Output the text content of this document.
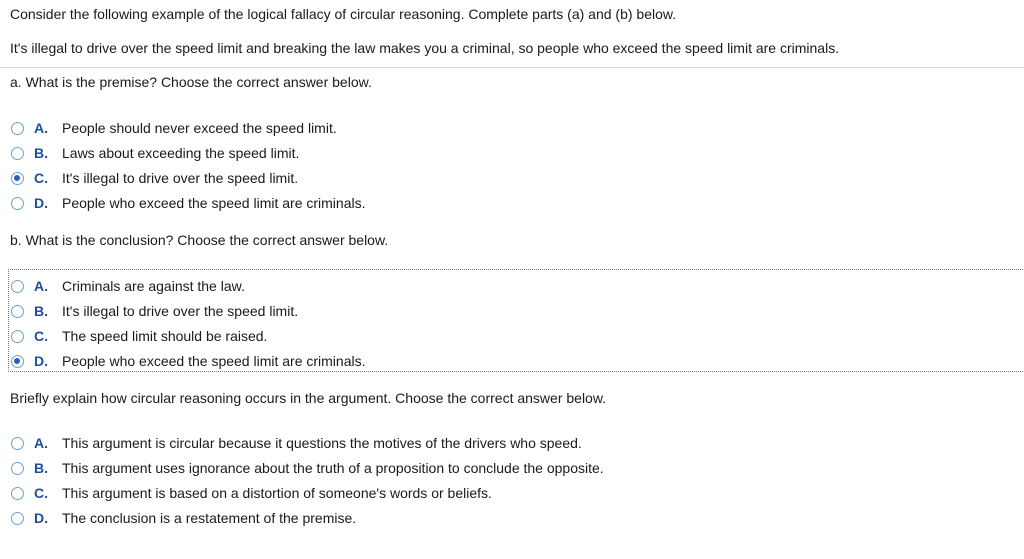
Consider the following example of the logical fallacy of circular reasoning. Complete parts (a) and (b) below.
It's illegal to drive over the speed limit and breaking the law makes you a criminal, so people who exceed the speed limit are criminals.
a. What is the premise? Choose the correct answer below.
A. People should never exceed the speed limit.
B. Laws about exceeding the speed limit.
C. It's illegal to drive over the speed limit.
D. People who exceed the speed limit are criminals.
b. What is the conclusion? Choose the correct answer below.
A. Criminals are against the law.
B. It's illegal to drive over the speed limit.
C. The speed limit should be raised.
D. People who exceed the speed limit are criminals.
Briefly explain how circular reasoning occurs in the argument. Choose the correct answer below.
A. This argument is circular because it questions the motives of the drivers who speed.
B. This argument uses ignorance about the truth of a proposition to conclude the opposite.
C. This argument is based on a distortion of someone's words or beliefs.
D. The conclusion is a restatement of the premise.
